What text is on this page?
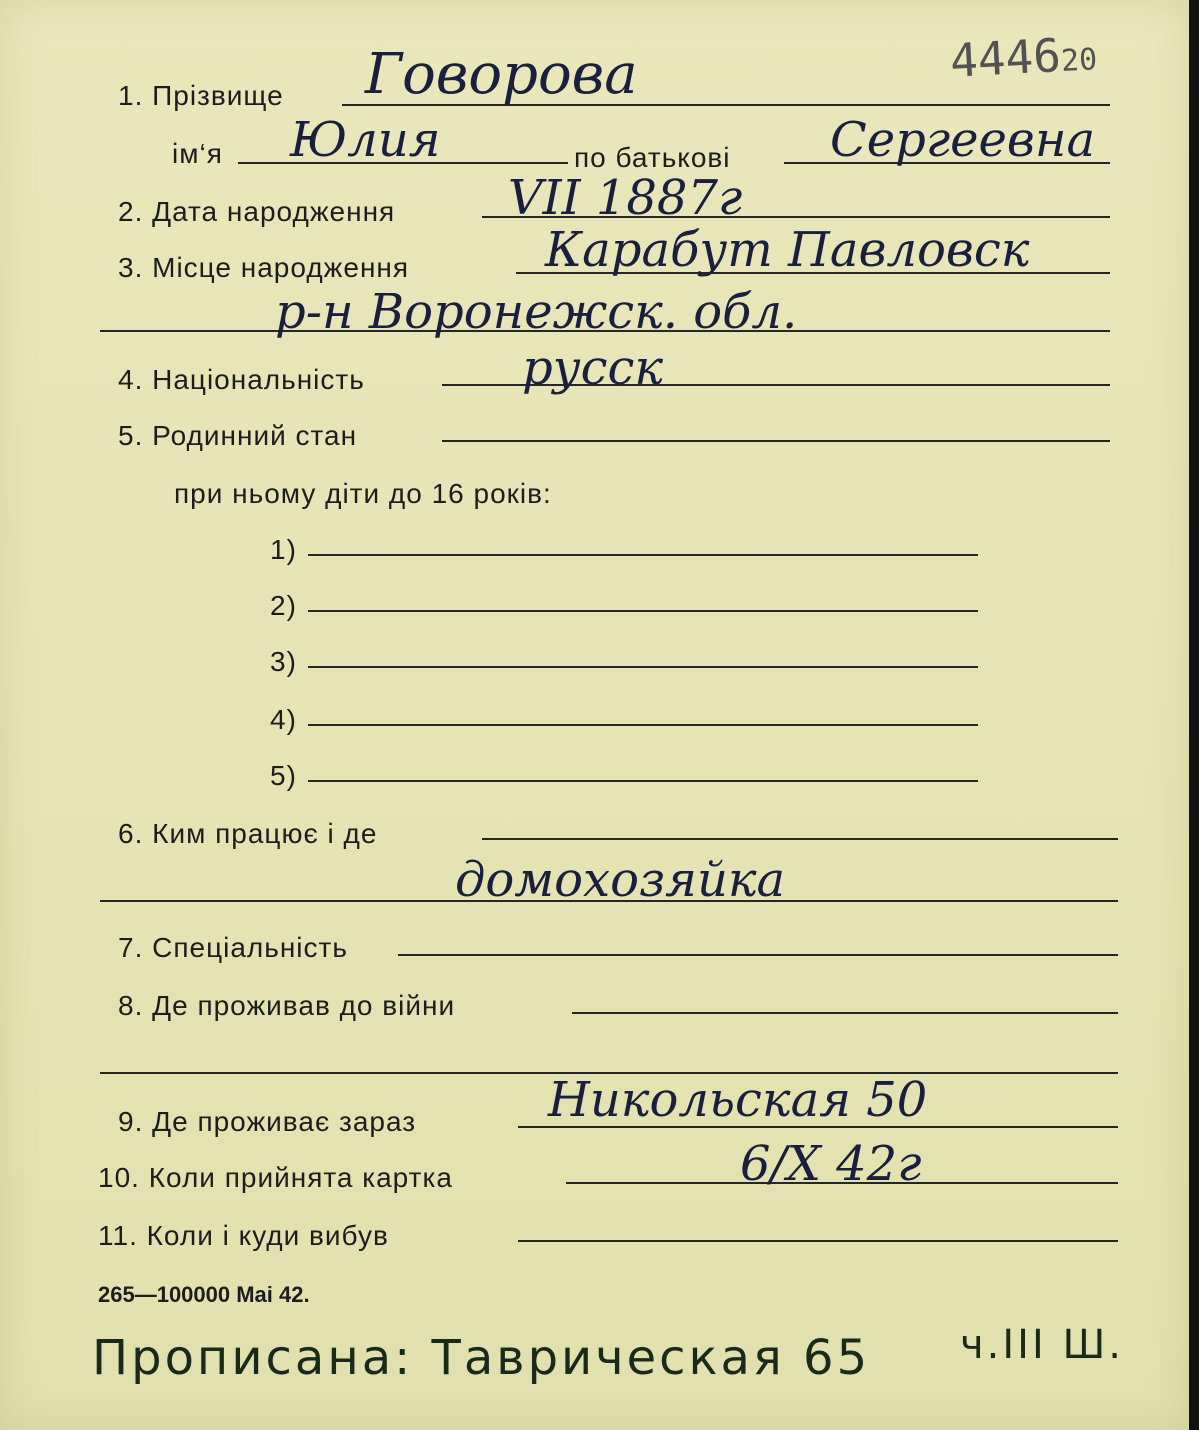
444620
1. Прізвище Говорова
ім‘я Юлия	по батькові Сергеевна
2. Дата народження VII 1887г
3. Місце народження	Карабут Павловск
р-н Воронежск. обл.
4. Національність	русск
5. Родинний стан
при ньому діти до 16 років:
1)
2)
3)
4)
5)
6. Ким працює і де
домохозяйка
7. Спеціальність
8. Де проживав до війни
9. Де проживає зараз	Никольская 50
10. Коли прийнята картка	6/X 42г
11. Коли і куди вибув
265—100000 Mai 42.
Прописана: Таврическая 65 ч.III Ш.
